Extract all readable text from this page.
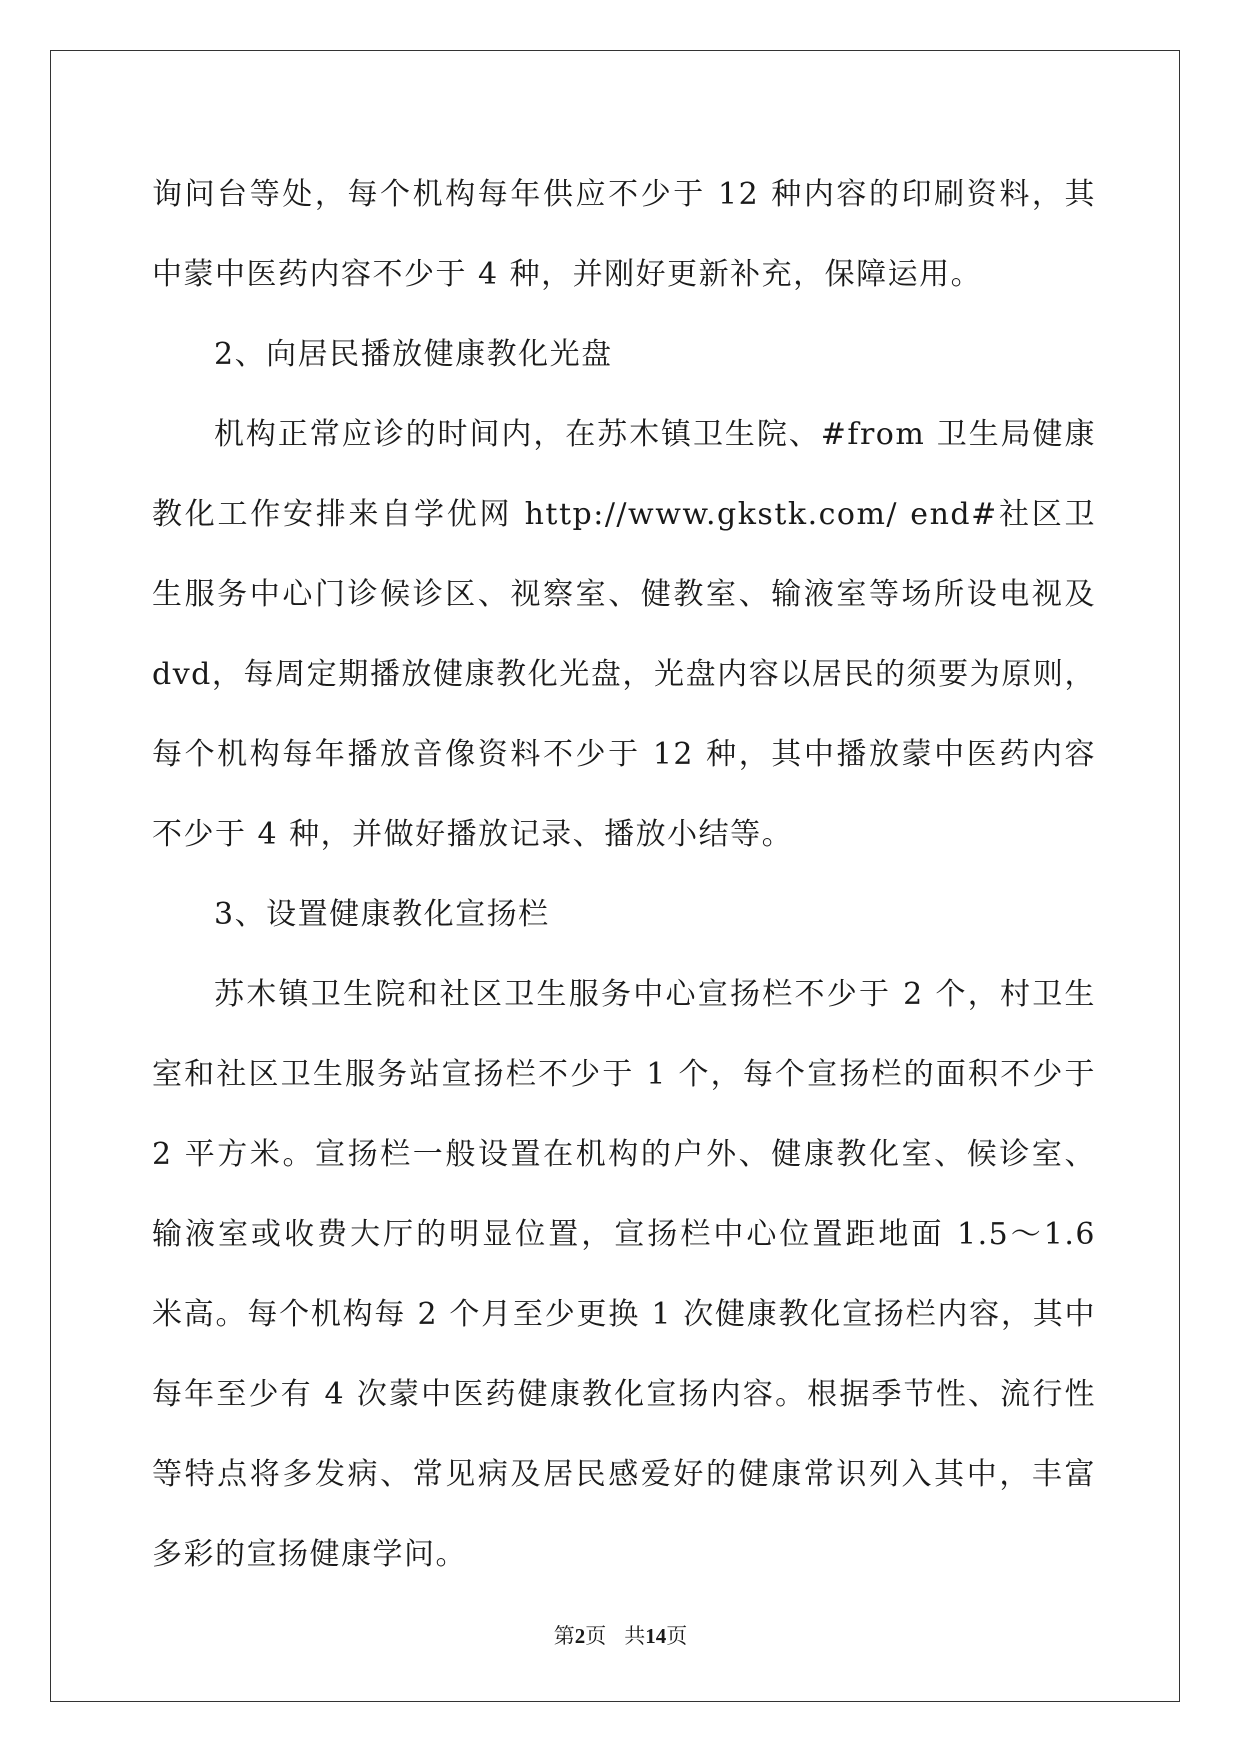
询问台等处，每个机构每年供应不少于 12 种内容的印刷资料，其中蒙中医药内容不少于 4 种，并刚好更新补充，保障运用。

2、向居民播放健康教化光盘

机构正常应诊的时间内，在苏木镇卫生院、#from 卫生局健康教化工作安排来自学优网 http://www.gkstk.com/ end#社区卫生服务中心门诊候诊区、视察室、健教室、输液室等场所设电视及 dvd，每周定期播放健康教化光盘，光盘内容以居民的须要为原则，每个机构每年播放音像资料不少于 12 种，其中播放蒙中医药内容不少于 4 种，并做好播放记录、播放小结等。

3、设置健康教化宣扬栏

苏木镇卫生院和社区卫生服务中心宣扬栏不少于 2 个，村卫生室和社区卫生服务站宣扬栏不少于 1 个，每个宣扬栏的面积不少于 2 平方米。宣扬栏一般设置在机构的户外、健康教化室、候诊室、输液室或收费大厅的明显位置，宣扬栏中心位置距地面 1.5～1.6 米高。每个机构每 2 个月至少更换 1 次健康教化宣扬栏内容，其中每年至少有 4 次蒙中医药健康教化宣扬内容。根据季节性、流行性等特点将多发病、常见病及居民感爱好的健康常识列入其中，丰富多彩的宣扬健康学问。

第2页 共14页
